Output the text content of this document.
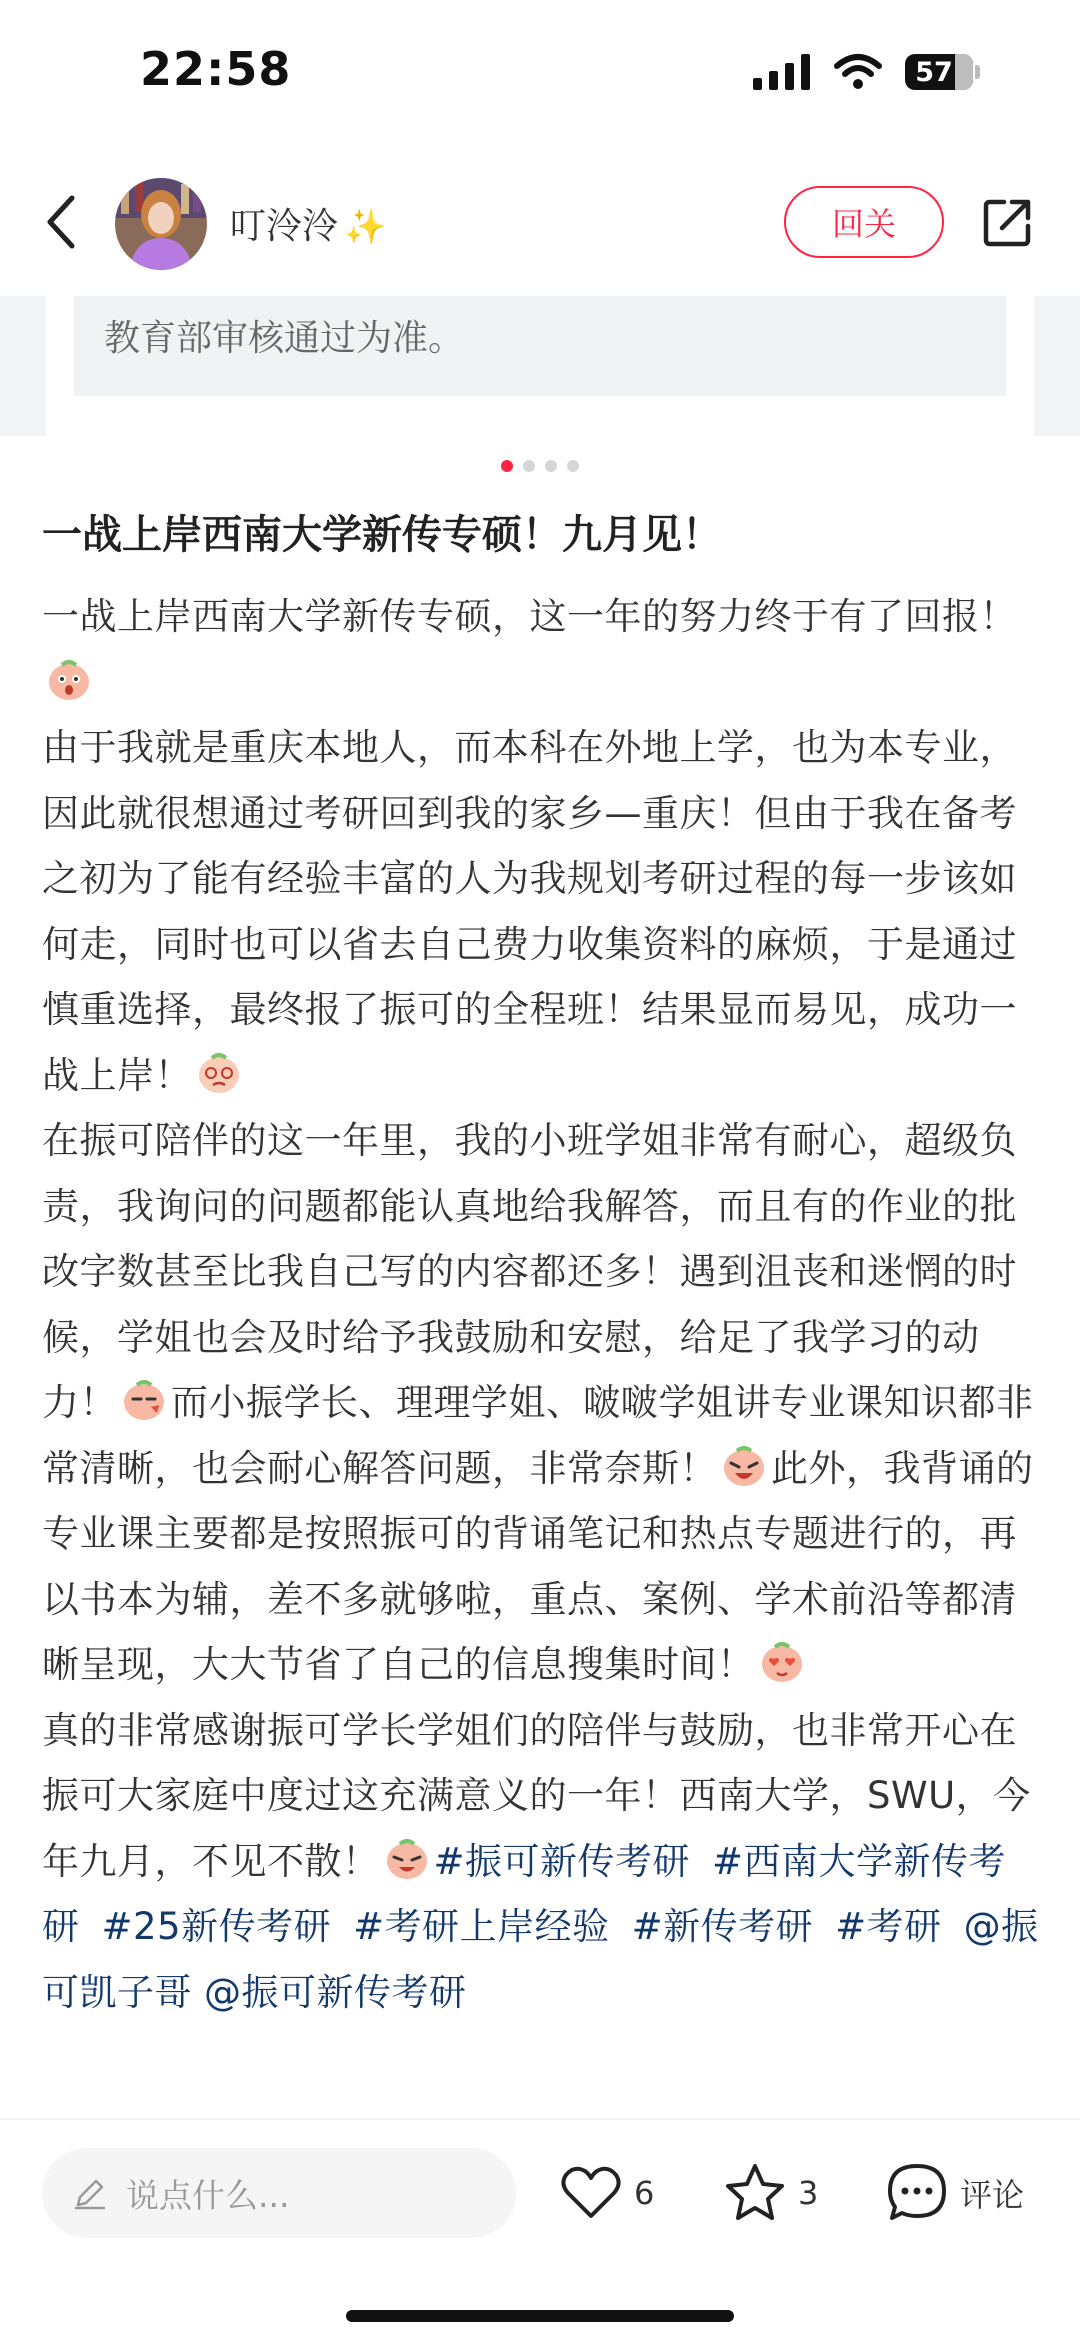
22:58	57
叮泠泠 ✨	回关
教育部审核通过为准。
一战上岸西南大学新传专硕！九月见！

一战上岸西南大学新传专硕，这一年的努力终于有了回报！

由于我就是重庆本地人，而本科在外地上学，也为本专业，因此就很想通过考研回到我的家乡—重庆！但由于我在备考之初为了能有经验丰富的人为我规划考研过程的每一步该如何走，同时也可以省去自己费力收集资料的麻烦，于是通过慎重选择，最终报了振可的全程班！结果显而易见，成功一战上岸！

在振可陪伴的这一年里，我的小班学姐非常有耐心，超级负责，我询问的问题都能认真地给我解答，而且有的作业的批改字数甚至比我自己写的内容都还多！遇到沮丧和迷惘的时候，学姐也会及时给予我鼓励和安慰，给足了我学习的动力！ 而小振学长、理理学姐、啵啵学姐讲专业课知识都非常清晰，也会耐心解答问题，非常奈斯！ 此外，我背诵的专业课主要都是按照振可的背诵笔记和热点专题进行的，再以书本为辅，差不多就够啦，重点、案例、学术前沿等都清晰呈现，大大节省了自己的信息搜集时间！

真的非常感谢振可学长学姐们的陪伴与鼓励，也非常开心在振可大家庭中度过这充满意义的一年！西南大学，SWU，今年九月，不见不散！ #振可新传考研 #西南大学新传考研 #25新传考研 #考研上岸经验 #新传考研 #考研 @振可凯子哥 @振可新传考研

说点什么...	6	3	评论
